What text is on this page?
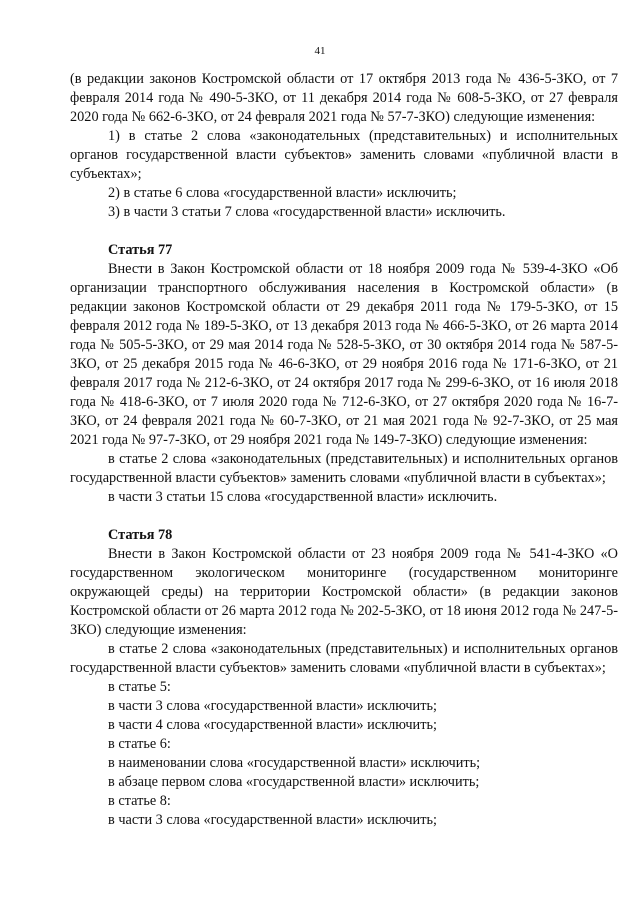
41

(в редакции законов Костромской области от 17 октября 2013 года № 436-5-ЗКО, от 7 февраля 2014 года № 490-5-ЗКО, от 11 декабря 2014 года № 608-5-ЗКО, от 27 февраля 2020 года № 662-6-ЗКО, от 24 февраля 2021 года № 57-7-ЗКО) следующие изменения:

1) в статье 2 слова «законодательных (представительных) и исполнительных органов государственной власти субъектов» заменить словами «публичной власти в субъектах»;

2) в статье 6 слова «государственной власти» исключить;

3) в части 3 статьи 7 слова «государственной власти» исключить.

Статья 77

Внести в Закон Костромской области от 18 ноября 2009 года № 539-4-ЗКО «Об организации транспортного обслуживания населения в Костромской области» (в редакции законов Костромской области от 29 декабря 2011 года № 179-5-ЗКО, от 15 февраля 2012 года № 189-5-ЗКО, от 13 декабря 2013 года № 466-5-ЗКО, от 26 марта 2014 года № 505-5-ЗКО, от 29 мая 2014 года № 528-5-ЗКО, от 30 октября 2014 года № 587-5-ЗКО, от 25 декабря 2015 года № 46-6-ЗКО, от 29 ноября 2016 года № 171-6-ЗКО, от 21 февраля 2017 года № 212-6-ЗКО, от 24 октября 2017 года № 299-6-ЗКО, от 16 июля 2018 года № 418-6-ЗКО, от 7 июля 2020 года № 712-6-ЗКО, от 27 октября 2020 года № 16-7-ЗКО, от 24 февраля 2021 года № 60-7-ЗКО, от 21 мая 2021 года № 92-7-ЗКО, от 25 мая 2021 года № 97-7-ЗКО, от 29 ноября 2021 года № 149-7-ЗКО) следующие изменения:

в статье 2 слова «законодательных (представительных) и исполнительных органов государственной власти субъектов» заменить словами «публичной власти в субъектах»;

в части 3 статьи 15 слова «государственной власти» исключить.

Статья 78

Внести в Закон Костромской области от 23 ноября 2009 года № 541-4-ЗКО «О государственном экологическом мониторинге (государственном мониторинге окружающей среды) на территории Костромской области» (в редакции законов Костромской области от 26 марта 2012 года № 202-5-ЗКО, от 18 июня 2012 года № 247-5-ЗКО) следующие изменения:

в статье 2 слова «законодательных (представительных) и исполнительных органов государственной власти субъектов» заменить словами «публичной власти в субъектах»;

в статье 5:

в части 3 слова «государственной власти» исключить;

в части 4 слова «государственной власти» исключить;

в статье 6:

в наименовании слова «государственной власти» исключить;

в абзаце первом слова «государственной власти» исключить;

в статье 8:

в части 3 слова «государственной власти» исключить;
